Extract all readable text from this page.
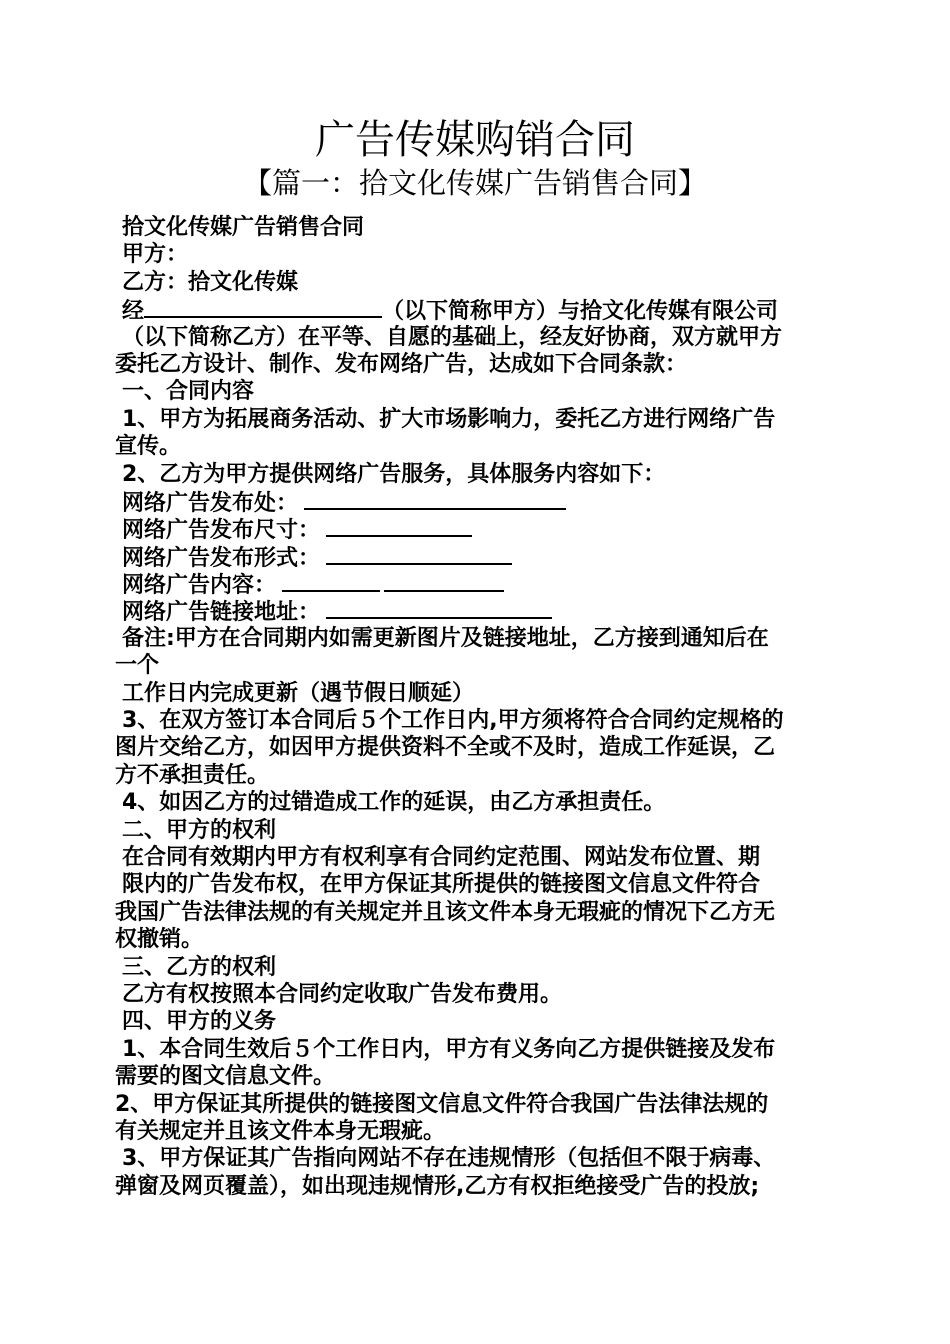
广告传媒购销合同
【篇一：拾文化传媒广告销售合同】
拾文化传媒广告销售合同
甲方：
乙方：拾文化传媒
经	（以下简称甲方）与拾文化传媒有限公司
（以下简称乙方）在平等、自愿的基础上，经友好协商，双方就甲方
委托乙方设计、制作、发布网络广告，达成如下合同条款：
一、合同内容
1、甲方为拓展商务活动、扩大市场影响力，委托乙方进行网络广告
宣传。
2、乙方为甲方提供网络广告服务，具体服务内容如下：
网络广告发布处：
网络广告发布尺寸：
网络广告发布形式：
网络广告内容：
网络广告链接地址：
备注:甲方在合同期内如需更新图片及链接地址，乙方接到通知后在
一个
工作日内完成更新（遇节假日顺延）
3、在双方签订本合同后５个工作日内,甲方须将符合合同约定规格的
图片交给乙方，如因甲方提供资料不全或不及时，造成工作延误，乙
方不承担责任。
4、如因乙方的过错造成工作的延误，由乙方承担责任。
二、甲方的权利
在合同有效期内甲方有权利享有合同约定范围、网站发布位置、期
限内的广告发布权，在甲方保证其所提供的链接图文信息文件符合
我国广告法律法规的有关规定并且该文件本身无瑕疵的情况下乙方无
权撤销。
三、乙方的权利
乙方有权按照本合同约定收取广告发布费用。
四、甲方的义务
1、本合同生效后５个工作日内，甲方有义务向乙方提供链接及发布
需要的图文信息文件。
2、甲方保证其所提供的链接图文信息文件符合我国广告法律法规的
有关规定并且该文件本身无瑕疵。
3、甲方保证其广告指向网站不存在违规情形（包括但不限于病毒、
弹窗及网页覆盖），如出现违规情形,乙方有权拒绝接受广告的投放;
